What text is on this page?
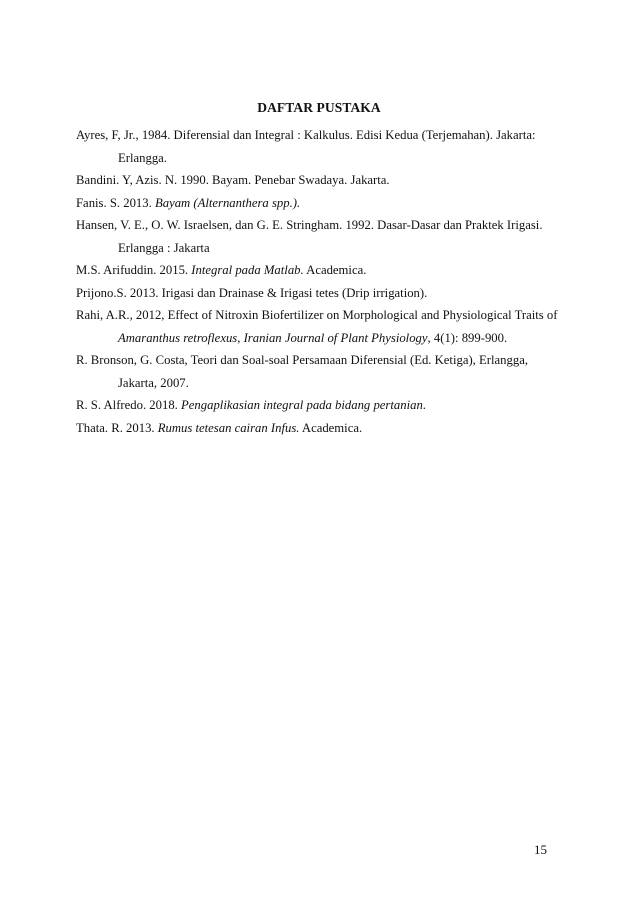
DAFTAR PUSTAKA

Ayres, F, Jr., 1984. Diferensial dan Integral : Kalkulus. Edisi Kedua (Terjemahan). Jakarta: Erlangga.

Bandini. Y, Azis. N. 1990. Bayam. Penebar Swadaya. Jakarta.

Fanis. S. 2013. Bayam (Alternanthera spp.).

Hansen, V. E., O. W. Israelsen, dan G. E. Stringham. 1992. Dasar-Dasar dan Praktek Irigasi. Erlangga : Jakarta

M.S. Arifuddin. 2015. Integral pada Matlab. Academica.

Prijono.S. 2013. Irigasi dan Drainase & Irigasi tetes (Drip irrigation).

Rahi, A.R., 2012, Effect of Nitroxin Biofertilizer on Morphological and Physiological Traits of Amaranthus retroflexus, Iranian Journal of Plant Physiology, 4(1): 899-900.

R. Bronson, G. Costa, Teori dan Soal-soal Persamaan Diferensial (Ed. Ketiga), Erlangga, Jakarta, 2007.

R. S. Alfredo. 2018. Pengaplikasian integral pada bidang pertanian.

Thata. R. 2013. Rumus tetesan cairan Infus. Academica.

15
